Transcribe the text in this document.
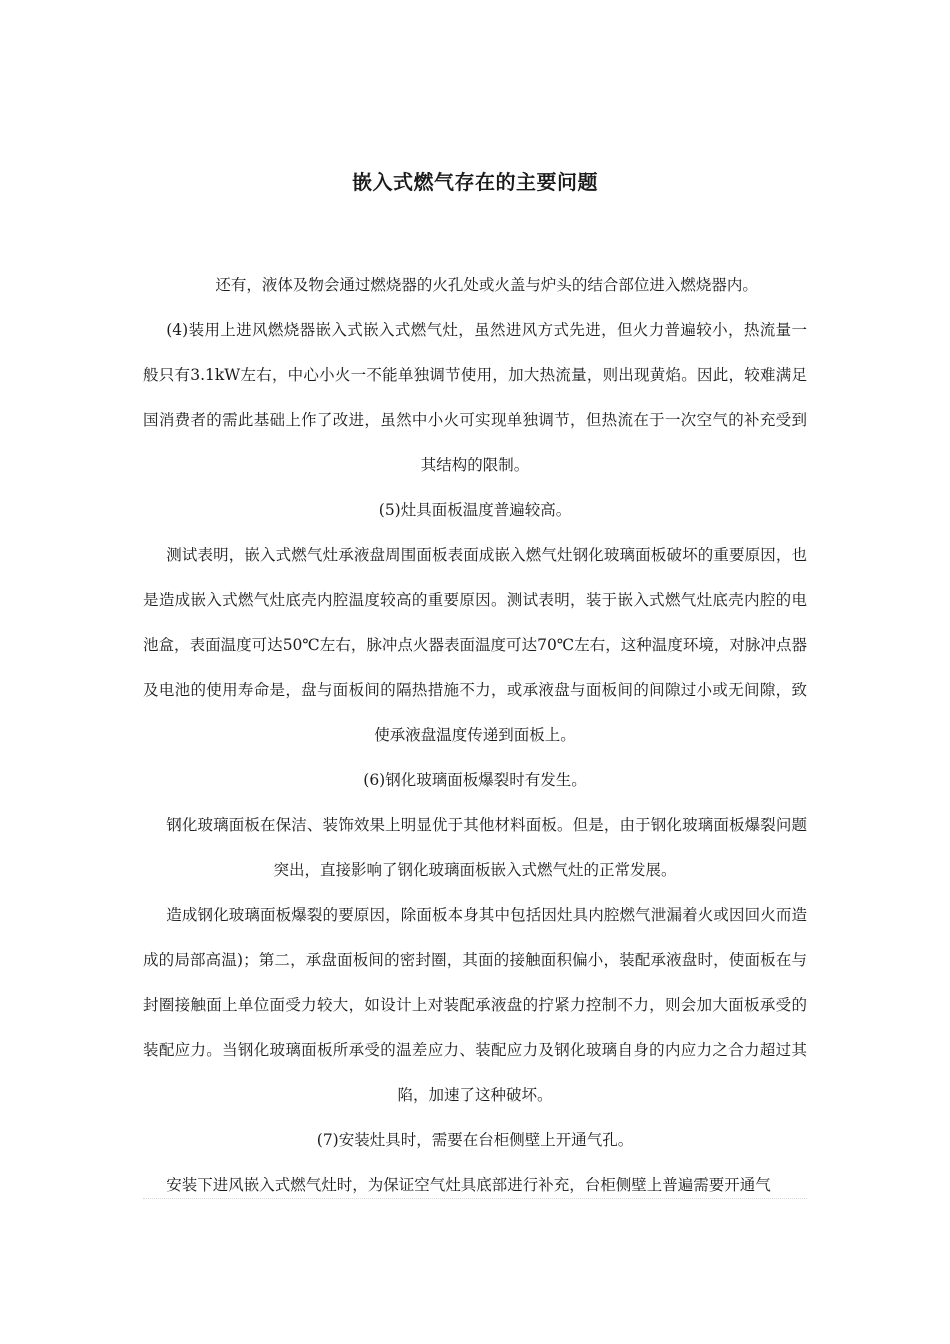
嵌入式燃气存在的主要问题

还有，液体及物会通过燃烧器的火孔处或火盖与炉头的结合部位进入燃烧器内。

(4)装用上进风燃烧器嵌入式嵌入式燃气灶，虽然进风方式先进，但火力普遍较小，热流量一般只有3.1kW左右，中心小火一不能单独调节使用，加大热流量，则出现黄焰。因此，较难满足国消费者的需此基础上作了改进，虽然中小火可实现单独调节，但热流在于一次空气的补充受到其结构的限制。

(5)灶具面板温度普遍较高。

测试表明，嵌入式燃气灶承液盘周围面板表面成嵌入燃气灶钢化玻璃面板破坏的重要原因，也是造成嵌入式燃气灶底壳内腔温度较高的重要原因。测试表明，装于嵌入式燃气灶底壳内腔的电池盒，表面温度可达50℃左右，脉冲点火器表面温度可达70℃左右，这种温度环境，对脉冲点器及电池的使用寿命是，盘与面板间的隔热措施不力，或承液盘与面板间的间隙过小或无间隙，致使承液盘温度传递到面板上。

(6)钢化玻璃面板爆裂时有发生。

钢化玻璃面板在保洁、装饰效果上明显优于其他材料面板。但是，由于钢化玻璃面板爆裂问题突出，直接影响了钢化玻璃面板嵌入式燃气灶的正常发展。

造成钢化玻璃面板爆裂的要原因，除面板本身其中包括因灶具内腔燃气泄漏着火或因回火而造成的局部高温)；第二，承盘面板间的密封圈，其面的接触面积偏小，装配承液盘时，使面板在与封圈接触面上单位面受力较大，如设计上对装配承液盘的拧紧力控制不力，则会加大面板承受的装配应力。当钢化玻璃面板所承受的温差应力、装配应力及钢化玻璃自身的内应力之合力超过其陷，加速了这种破坏。

(7)安装灶具时，需要在台柜侧壁上开通气孔。

安装下进风嵌入式燃气灶时，为保证空气灶具底部进行补充，台柜侧壁上普遍需要开通气
